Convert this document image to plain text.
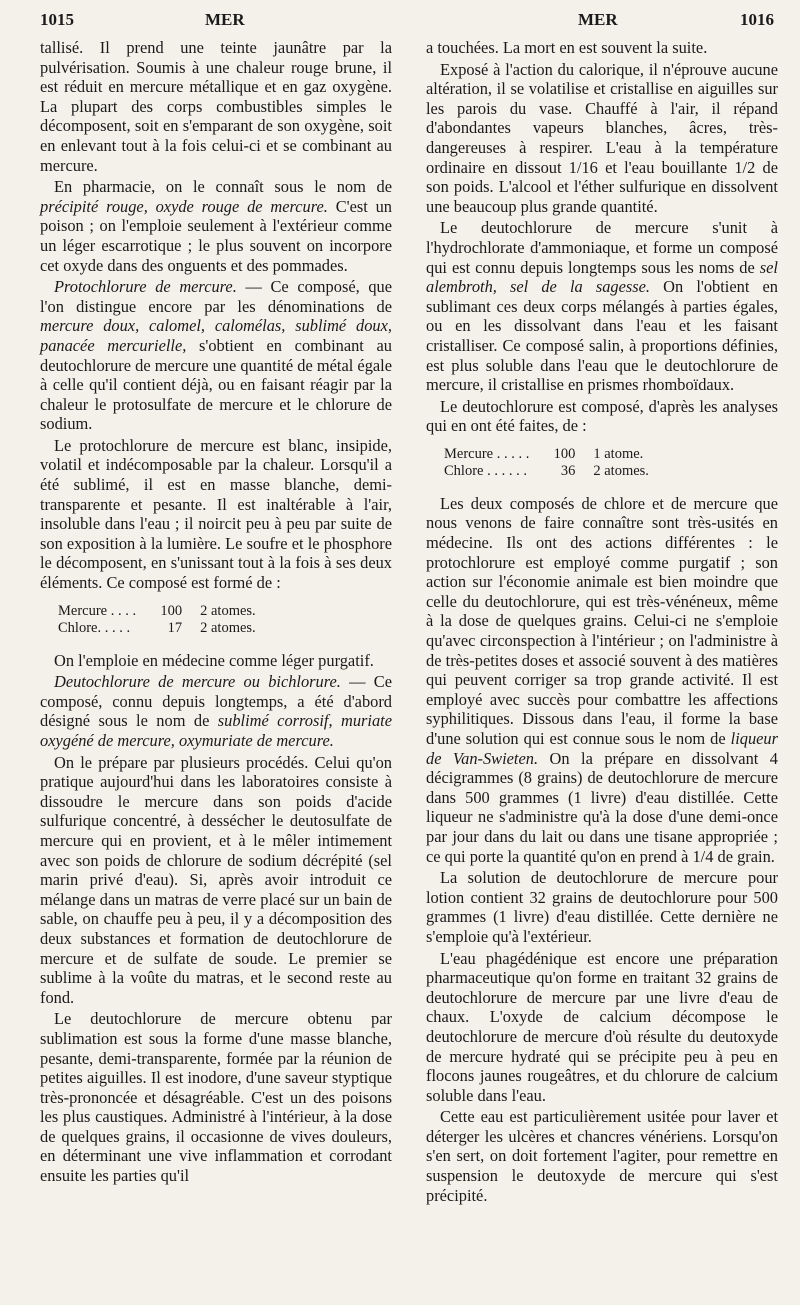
1015	MER	MER	1016

tallisé. Il prend une teinte jaunâtre par la pulvérisation. Soumis à une chaleur rouge brune, il est réduit en mercure métallique et en gaz oxygène. La plupart des corps combustibles simples le décomposent, soit en s'emparant de son oxygène, soit en enlevant tout à la fois celui-ci et se combinant au mercure.

En pharmacie, on le connaît sous le nom de précipité rouge, oxyde rouge de mercure. C'est un poison ; on l'emploie seulement à l'extérieur comme un léger escarrotique ; le plus souvent on incorpore cet oxyde dans des onguents et des pommades.

Protochlorure de mercure. — Ce composé, que l'on distingue encore par les dénominations de mercure doux, calomel, calomélas, sublimé doux, panacée mercurielle, s'obtient en combinant au deutochlorure de mercure une quantité de métal égale à celle qu'il contient déjà, ou en faisant réagir par la chaleur le protosulfate de mercure et le chlorure de sodium.

Le protochlorure de mercure est blanc, insipide, volatil et indécomposable par la chaleur. Lorsqu'il a été sublimé, il est en masse blanche, demi-transparente et pesante. Il est inaltérable à l'air, insoluble dans l'eau ; il noircit peu à peu par suite de son exposition à la lumière. Le soufre et le phosphore le décomposent, en s'unissant tout à la fois à ses deux éléments. Ce composé est formé de :

Mercure . . . .	100	2 atomes.
Chlore. . . . .	17	2 atomes.

On l'emploie en médecine comme léger purgatif.

Deutochlorure de mercure ou bichlorure. — Ce composé, connu depuis longtemps, a été d'abord désigné sous le nom de sublimé corrosif, muriate oxygéné de mercure, oxymuriate de mercure.

On le prépare par plusieurs procédés. Celui qu'on pratique aujourd'hui dans les laboratoires consiste à dissoudre le mercure dans son poids d'acide sulfurique concentré, à dessécher le deutosulfate de mercure qui en provient, et à le mêler intimement avec son poids de chlorure de sodium décrépité (sel marin privé d'eau). Si, après avoir introduit ce mélange dans un matras de verre placé sur un bain de sable, on chauffe peu à peu, il y a décomposition des deux substances et formation de deutochlorure de mercure et de sulfate de soude. Le premier se sublime à la voûte du matras, et le second reste au fond.

Le deutochlorure de mercure obtenu par sublimation est sous la forme d'une masse blanche, pesante, demi-transparente, formée par la réunion de petites aiguilles. Il est inodore, d'une saveur styptique très-prononcée et désagréable. C'est un des poisons les plus caustiques. Administré à l'intérieur, à la dose de quelques grains, il occasionne de vives douleurs, en déterminant une vive inflammation et corrodant ensuite les parties qu'il

a touchées. La mort en est souvent la suite.

Exposé à l'action du calorique, il n'éprouve aucune altération, il se volatilise et cristallise en aiguilles sur les parois du vase. Chauffé à l'air, il répand d'abondantes vapeurs blanches, âcres, très-dangereuses à respirer. L'eau à la température ordinaire en dissout 1/16 et l'eau bouillante 1/2 de son poids. L'alcool et l'éther sulfurique en dissolvent une beaucoup plus grande quantité.

Le deutochlorure de mercure s'unit à l'hydrochlorate d'ammoniaque, et forme un composé qui est connu depuis longtemps sous les noms de sel alembroth, sel de la sagesse. On l'obtient en sublimant ces deux corps mélangés à parties égales, ou en les dissolvant dans l'eau et les faisant cristalliser. Ce composé salin, à proportions définies, est plus soluble dans l'eau que le deutochlorure de mercure, il cristallise en prismes rhomboïdaux.

Le deutochlorure est composé, d'après les analyses qui en ont été faites, de :

Mercure . . . . .	100	1 atome.
Chlore . . . . . .	36	2 atomes.

Les deux composés de chlore et de mercure que nous venons de faire connaître sont très-usités en médecine. Ils ont des actions différentes : le protochlorure est employé comme purgatif ; son action sur l'économie animale est bien moindre que celle du deutochlorure, qui est très-vénéneux, même à la dose de quelques grains. Celui-ci ne s'emploie qu'avec circonspection à l'intérieur ; on l'administre à de très-petites doses et associé souvent à des matières qui peuvent corriger sa trop grande activité. Il est employé avec succès pour combattre les affections syphilitiques. Dissous dans l'eau, il forme la base d'une solution qui est connue sous le nom de liqueur de Van-Swieten. On la prépare en dissolvant 4 décigrammes (8 grains) de deutochlorure de mercure dans 500 grammes (1 livre) d'eau distillée. Cette liqueur ne s'administre qu'à la dose d'une demi-once par jour dans du lait ou dans une tisane appropriée ; ce qui porte la quantité qu'on en prend à 1/4 de grain.

La solution de deutochlorure de mercure pour lotion contient 32 grains de deutochlorure pour 500 grammes (1 livre) d'eau distillée. Cette dernière ne s'emploie qu'à l'extérieur.

L'eau phagédénique est encore une préparation pharmaceutique qu'on forme en traitant 32 grains de deutochlorure de mercure par une livre d'eau de chaux. L'oxyde de calcium décompose le deutochlorure de mercure d'où résulte du deutoxyde de mercure hydraté qui se précipite peu à peu en flocons jaunes rougeâtres, et du chlorure de calcium soluble dans l'eau.

Cette eau est particulièrement usitée pour laver et déterger les ulcères et chancres vénériens. Lorsqu'on s'en sert, on doit fortement l'agiter, pour remettre en suspension le deutoxyde de mercure qui s'est précipité.
